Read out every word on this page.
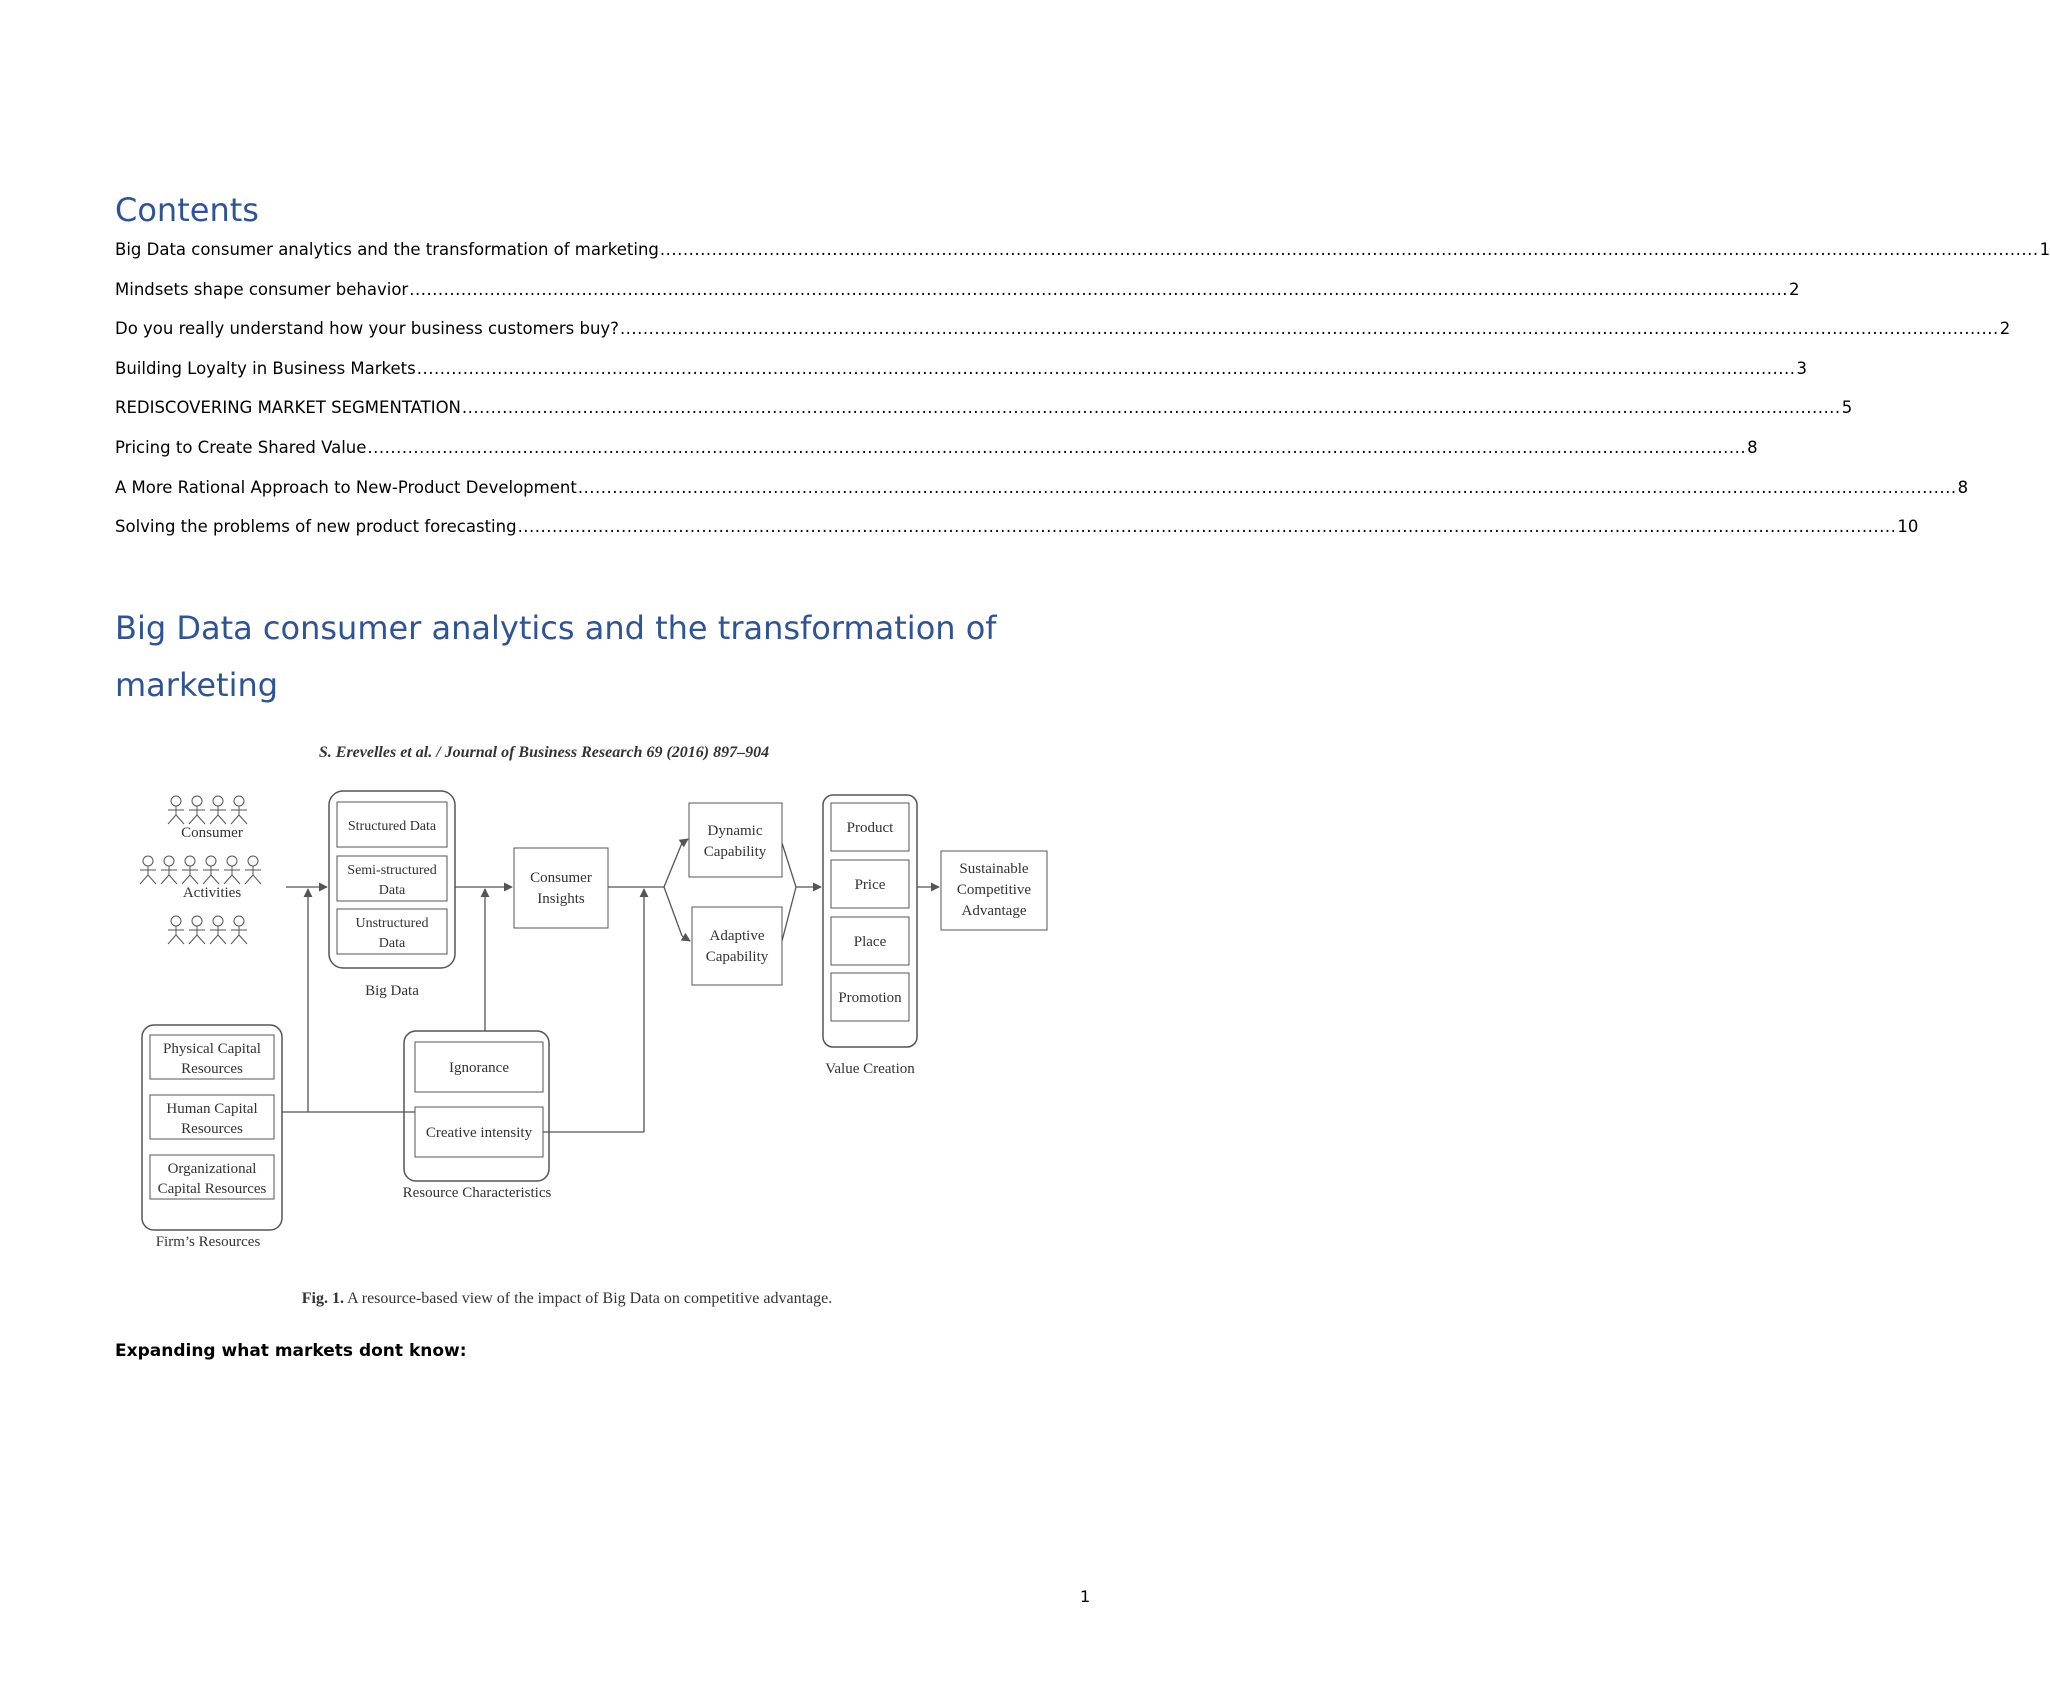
Contents
Big Data consumer analytics and the transformation of marketing .....	1
Mindsets shape consumer behavior .....	2
Do you really understand how your business customers buy? .....	2
Building Loyalty in Business Markets .....	3
REDISCOVERING MARKET SEGMENTATION .....	5
Pricing to Create Shared Value .....	8
A More Rational Approach to New-Product Development .....	8
Solving the problems of new product forecasting .....	10
Big Data consumer analytics and the transformation of marketing
S. Erevelles et al. / Journal of Business Research 69 (2016) 897–904
Consumer
Activities
Structured Data
Semi-structured
Data
Unstructured
Data
Big Data
Consumer
Insights
Dynamic
Capability
Adaptive
Capability
Product
Price
Place
Promotion
Value Creation
Sustainable
Competitive
Advantage
Physical Capital
Resources
Human Capital
Resources
Organizational
Capital Resources
Firm’s Resources
Ignorance
Creative intensity
Resource Characteristics
Fig. 1. A resource-based view of the impact of Big Data on competitive advantage.

Expanding what markets dont know:

1
